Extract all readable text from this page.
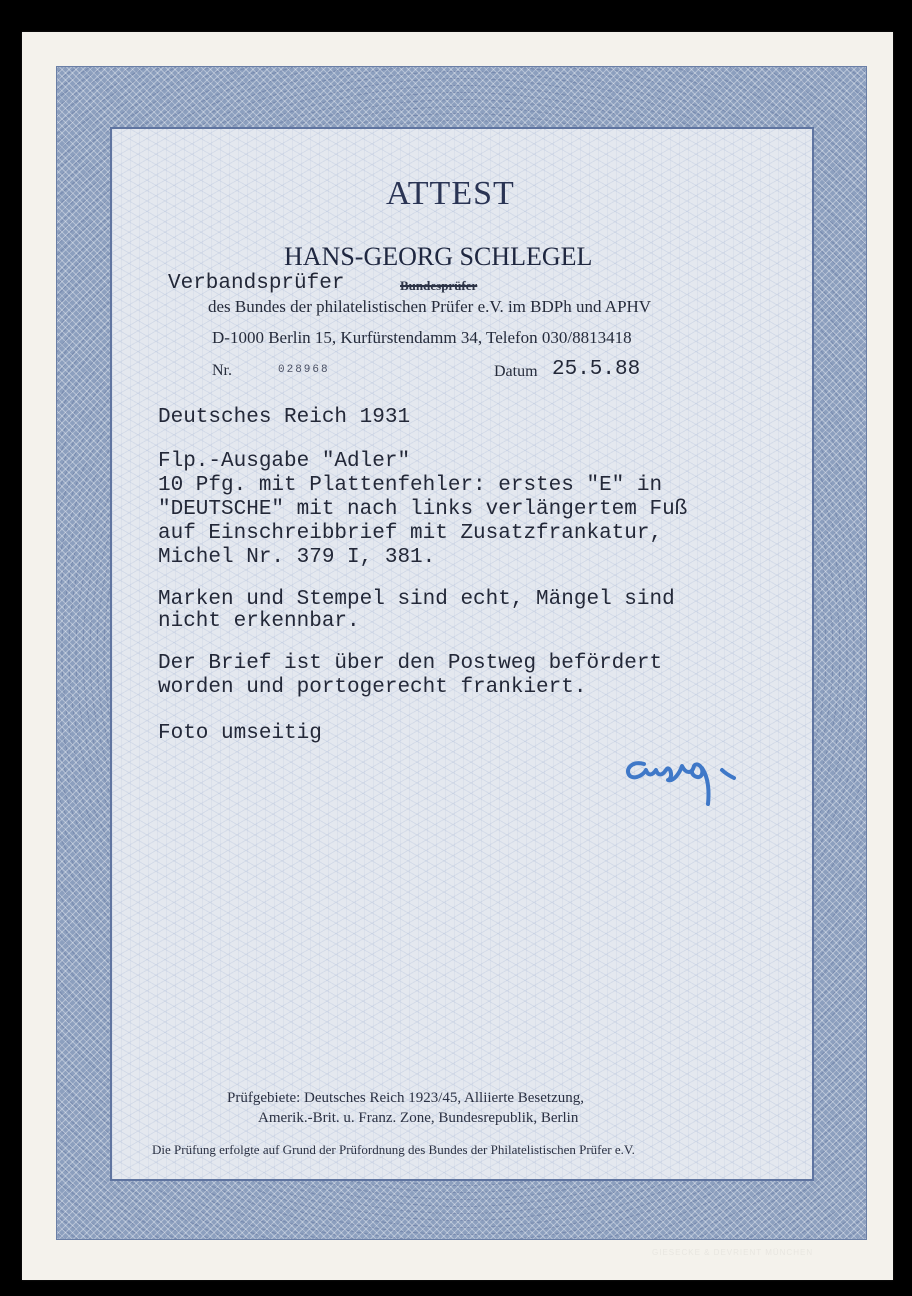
ATTEST
HANS-GEORG SCHLEGEL
Verbandsprüfer	Bundesprüfer
des Bundes der philatelistischen Prüfer e.V. im BDPh und APHV
D-1000 Berlin 15, Kurfürstendamm 34, Telefon 030/8813418
Nr.	028968	Datum 25.5.88
Deutsches Reich 1931
Flp.-Ausgabe "Adler"
10 Pfg. mit Plattenfehler: erstes "E" in
"DEUTSCHE" mit nach links verlängertem Fuß
auf Einschreibbrief mit Zusatzfrankatur,
Michel Nr. 379 I, 381.
Marken und Stempel sind echt, Mängel sind
nicht erkennbar.
Der Brief ist über den Postweg befördert
worden und portogerecht frankiert.
Foto umseitig
Prüfgebiete: Deutsches Reich 1923/45, Alliierte Besetzung,
Amerik.-Brit. u. Franz. Zone, Bundesrepublik, Berlin
Die Prüfung erfolgte auf Grund der Prüfordnung des Bundes der Philatelistischen Prüfer e.V.
GIESECKE & DEVRIENT MÜNCHEN
